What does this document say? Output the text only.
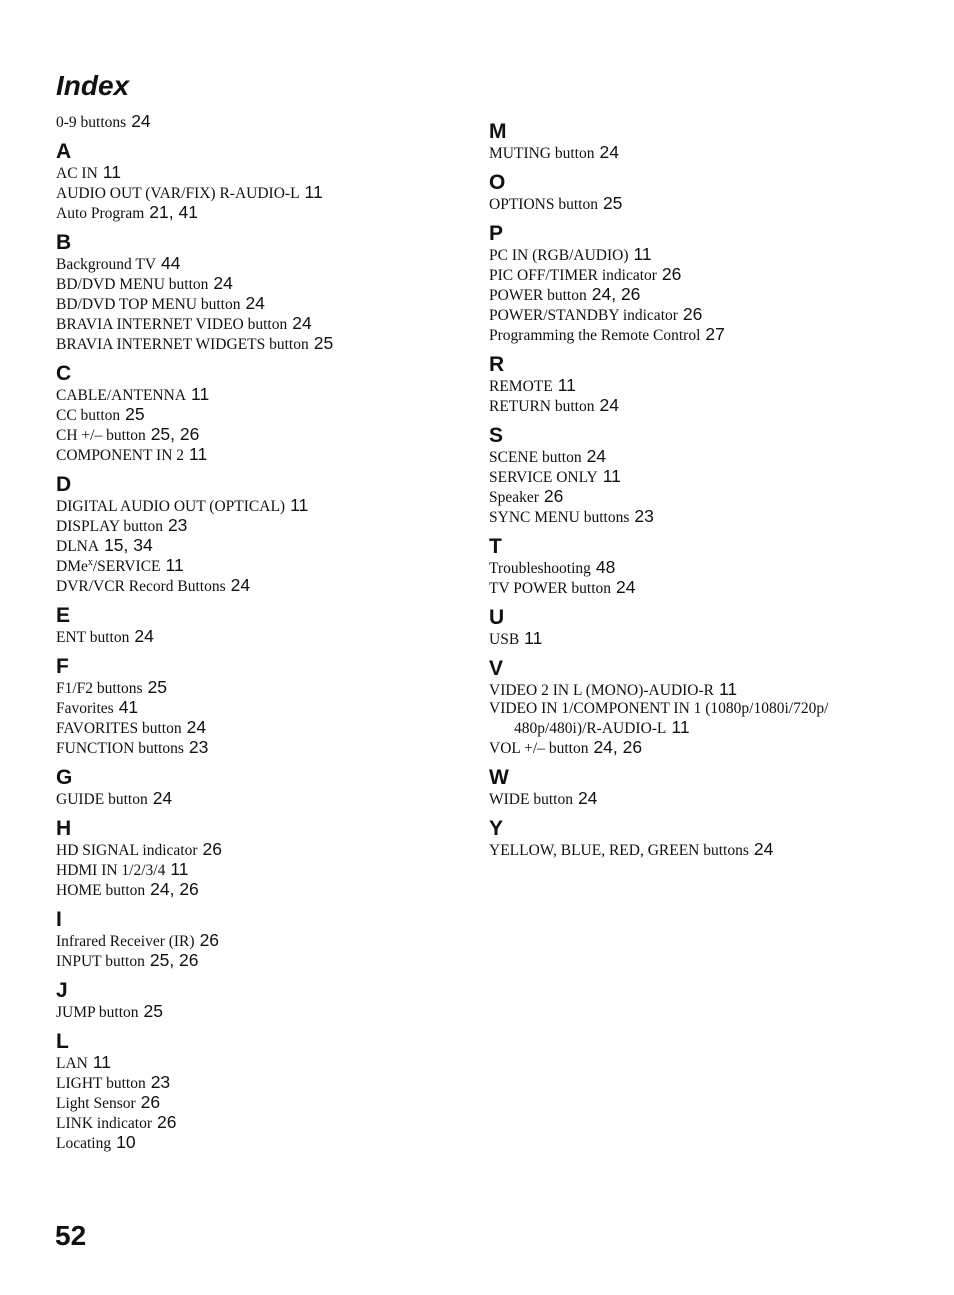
Index
0-9 buttons 24
A
AC IN 11
AUDIO OUT (VAR/FIX) R-AUDIO-L 11
Auto Program 21, 41
B
Background TV 44
BD/DVD MENU button 24
BD/DVD TOP MENU button 24
BRAVIA INTERNET VIDEO button 24
BRAVIA INTERNET WIDGETS button 25
C
CABLE/ANTENNA 11
CC button 25
CH +/– button 25, 26
COMPONENT IN 2 11
D
DIGITAL AUDIO OUT (OPTICAL) 11
DISPLAY button 23
DLNA 15, 34
DMe$^x$/SERVICE 11
DVR/VCR Record Buttons 24
E
ENT button 24
F
F1/F2 buttons 25
Favorites 41
FAVORITES button 24
FUNCTION buttons 23
G
GUIDE button 24
H
HD SIGNAL indicator 26
HDMI IN 1/2/3/4 11
HOME button 24, 26
I
Infrared Receiver (IR) 26
INPUT button 25, 26
J
JUMP button 25
L
LAN 11
LIGHT button 23
Light Sensor 26
LINK indicator 26
Locating 10
M
MUTING button 24
O
OPTIONS button 25
P
PC IN (RGB/AUDIO) 11
PIC OFF/TIMER indicator 26
POWER button 24, 26
POWER/STANDBY indicator 26
Programming the Remote Control 27
R
REMOTE 11
RETURN button 24
S
SCENE button 24
SERVICE ONLY 11
Speaker 26
SYNC MENU buttons 23
T
Troubleshooting 48
TV POWER button 24
U
USB 11
V
VIDEO 2 IN L (MONO)-AUDIO-R 11
VIDEO IN 1/COMPONENT IN 1 (1080p/1080i/720p/
480p/480i)/R-AUDIO-L 11
VOL +/– button 24, 26
W
WIDE button 24
Y
YELLOW, BLUE, RED, GREEN buttons 24
52
